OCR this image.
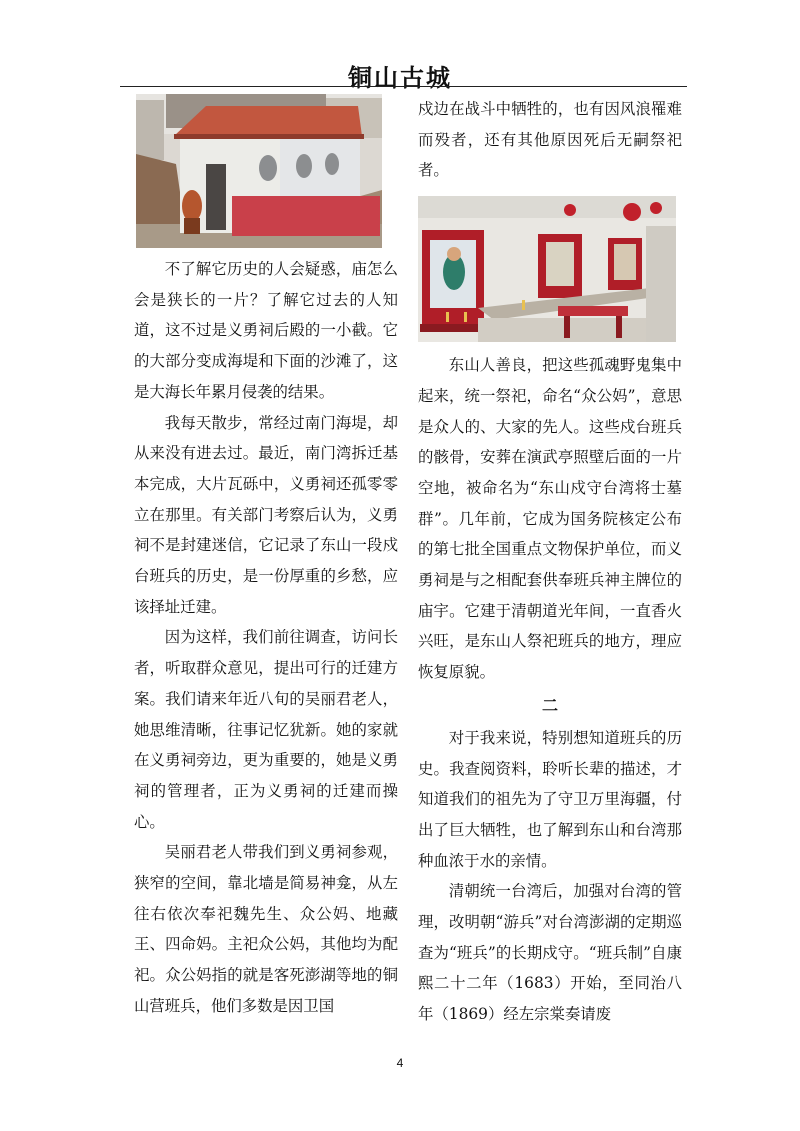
铜山古城

不了解它历史的人会疑惑，庙怎么会是狭长的一片？了解它过去的人知道，这不过是义勇祠后殿的一小截。它的大部分变成海堤和下面的沙滩了，这是大海长年累月侵袭的结果。

我每天散步，常经过南门海堤，却从来没有进去过。最近，南门湾拆迁基本完成，大片瓦砾中，义勇祠还孤零零立在那里。有关部门考察后认为，义勇祠不是封建迷信，它记录了东山一段戍台班兵的历史，是一份厚重的乡愁，应该择址迁建。

因为这样，我们前往调查，访问长者，听取群众意见，提出可行的迁建方案。我们请来年近八旬的吴丽君老人，她思维清晰，往事记忆犹新。她的家就在义勇祠旁边，更为重要的，她是义勇祠的管理者，正为义勇祠的迁建而操心。

吴丽君老人带我们到义勇祠参观，狭窄的空间，靠北墙是简易神龛，从左往右依次奉祀魏先生、众公妈、地藏王、四命妈。主祀众公妈，其他均为配祀。众公妈指的就是客死澎湖等地的铜山营班兵，他们多数是因卫国

戍边在战斗中牺牲的，也有因风浪罹难而殁者，还有其他原因死后无嗣祭祀者。

东山人善良，把这些孤魂野鬼集中起来，统一祭祀，命名“众公妈”，意思是众人的、大家的先人。这些戍台班兵的骸骨，安葬在演武亭照壁后面的一片空地，被命名为“东山戍守台湾将士墓群”。几年前，它成为国务院核定公布的第七批全国重点文物保护单位，而义勇祠是与之相配套供奉班兵神主牌位的庙宇。它建于清朝道光年间，一直香火兴旺，是东山人祭祀班兵的地方，理应恢复原貌。

二

对于我来说，特别想知道班兵的历史。我查阅资料，聆听长辈的描述，才知道我们的祖先为了守卫万里海疆，付出了巨大牺牲，也了解到东山和台湾那种血浓于水的亲情。

清朝统一台湾后，加强对台湾的管理，改明朝“游兵”对台湾澎湖的定期巡查为“班兵”的长期戍守。“班兵制”自康熙二十二年（1683）开始，至同治八年（1869）经左宗棠奏请废

4
